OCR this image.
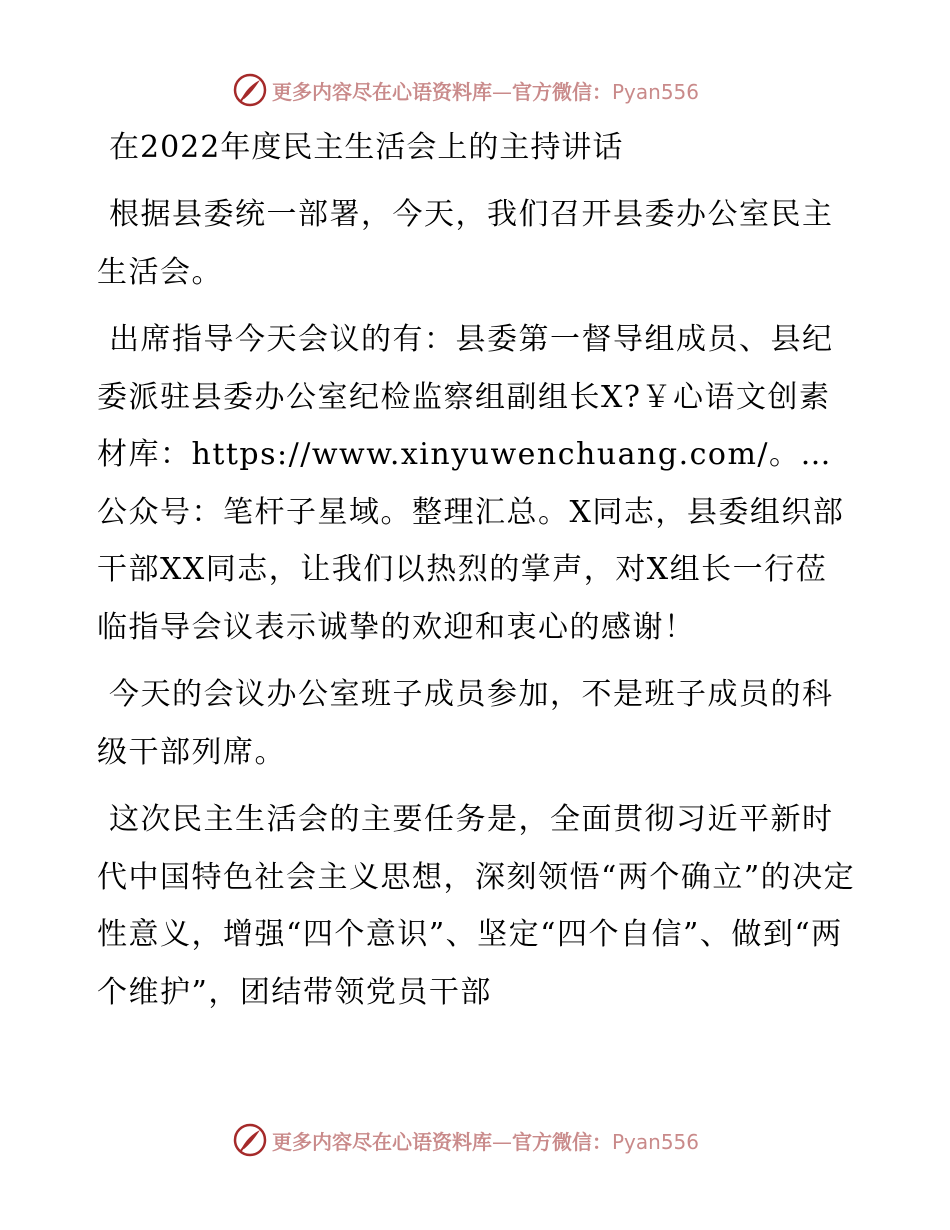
更多内容尽在心语资料库—官方微信：Pyan556
在2022年度民主生活会上的主持讲话

根据县委统一部署，今天，我们召开县委办公室民主生活会。

出席指导今天会议的有：县委第一督导组成员、县纪委派驻县委办公室纪检监察组副组长X?￥心语文创素材库：https://www.xinyuwenchuang.com/。…公众号：笔杆子星域。整理汇总。X同志，县委组织部干部XX同志，让我们以热烈的掌声，对X组长一行莅临指导会议表示诚挚的欢迎和衷心的感谢！

今天的会议办公室班子成员参加，不是班子成员的科级干部列席。

这次民主生活会的主要任务是，全面贯彻习近平新时代中国特色社会主义思想，深刻领悟“两个确立”的决定性意义，增强“四个意识”、坚定“四个自信”、做到“两个维护”，团结带领党员干部

更多内容尽在心语资料库—官方微信：Pyan556
